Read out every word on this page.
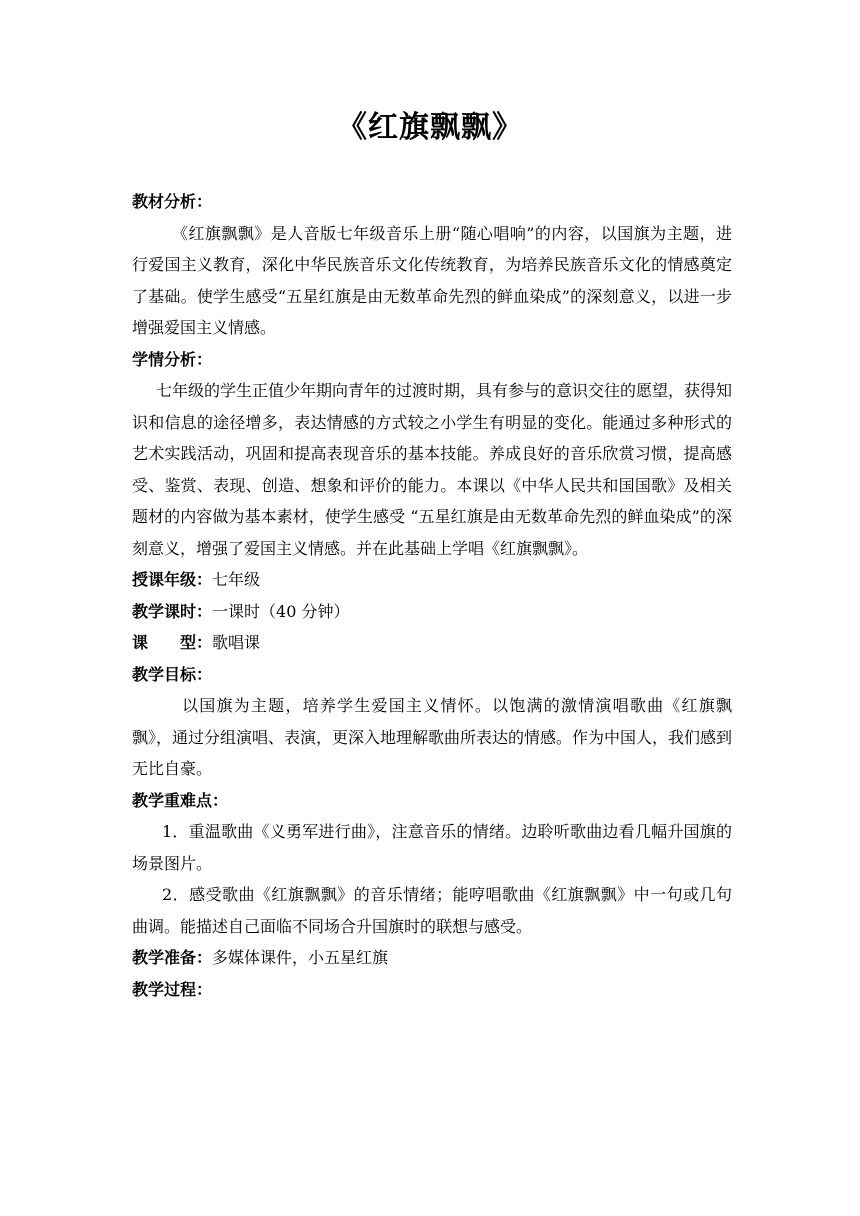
《红旗飘飘》

教材分析：

《红旗飘飘》是人音版七年级音乐上册“随心唱响”的内容，以国旗为主题，进行爱国主义教育，深化中华民族音乐文化传统教育，为培养民族音乐文化的情感奠定了基础。使学生感受“五星红旗是由无数革命先烈的鲜血染成”的深刻意义，以进一步增强爱国主义情感。

学情分析：

七年级的学生正值少年期向青年的过渡时期，具有参与的意识交往的愿望，获得知识和信息的途径增多，表达情感的方式较之小学生有明显的变化。能通过多种形式的艺术实践活动，巩固和提高表现音乐的基本技能。养成良好的音乐欣赏习惯，提高感受、鉴赏、表现、创造、想象和评价的能力。本课以《中华人民共和国国歌》及相关题材的内容做为基本素材，使学生感受 “五星红旗是由无数革命先烈的鲜血染成”的深刻意义，增强了爱国主义情感。并在此基础上学唱《红旗飘飘》。

授课年级：七年级

教学课时：一课时（40 分钟）

课　　型：歌唱课

教学目标：

以国旗为主题，培养学生爱国主义情怀。以饱满的激情演唱歌曲《红旗飘飘》，通过分组演唱、表演，更深入地理解歌曲所表达的情感。作为中国人，我们感到无比自豪。

教学重难点：

1．重温歌曲《义勇军进行曲》，注意音乐的情绪。边聆听歌曲边看几幅升国旗的场景图片。

2．感受歌曲《红旗飘飘》的音乐情绪；能哼唱歌曲《红旗飘飘》中一句或几句曲调。能描述自己面临不同场合升国旗时的联想与感受。

教学准备：多媒体课件，小五星红旗

教学过程：
